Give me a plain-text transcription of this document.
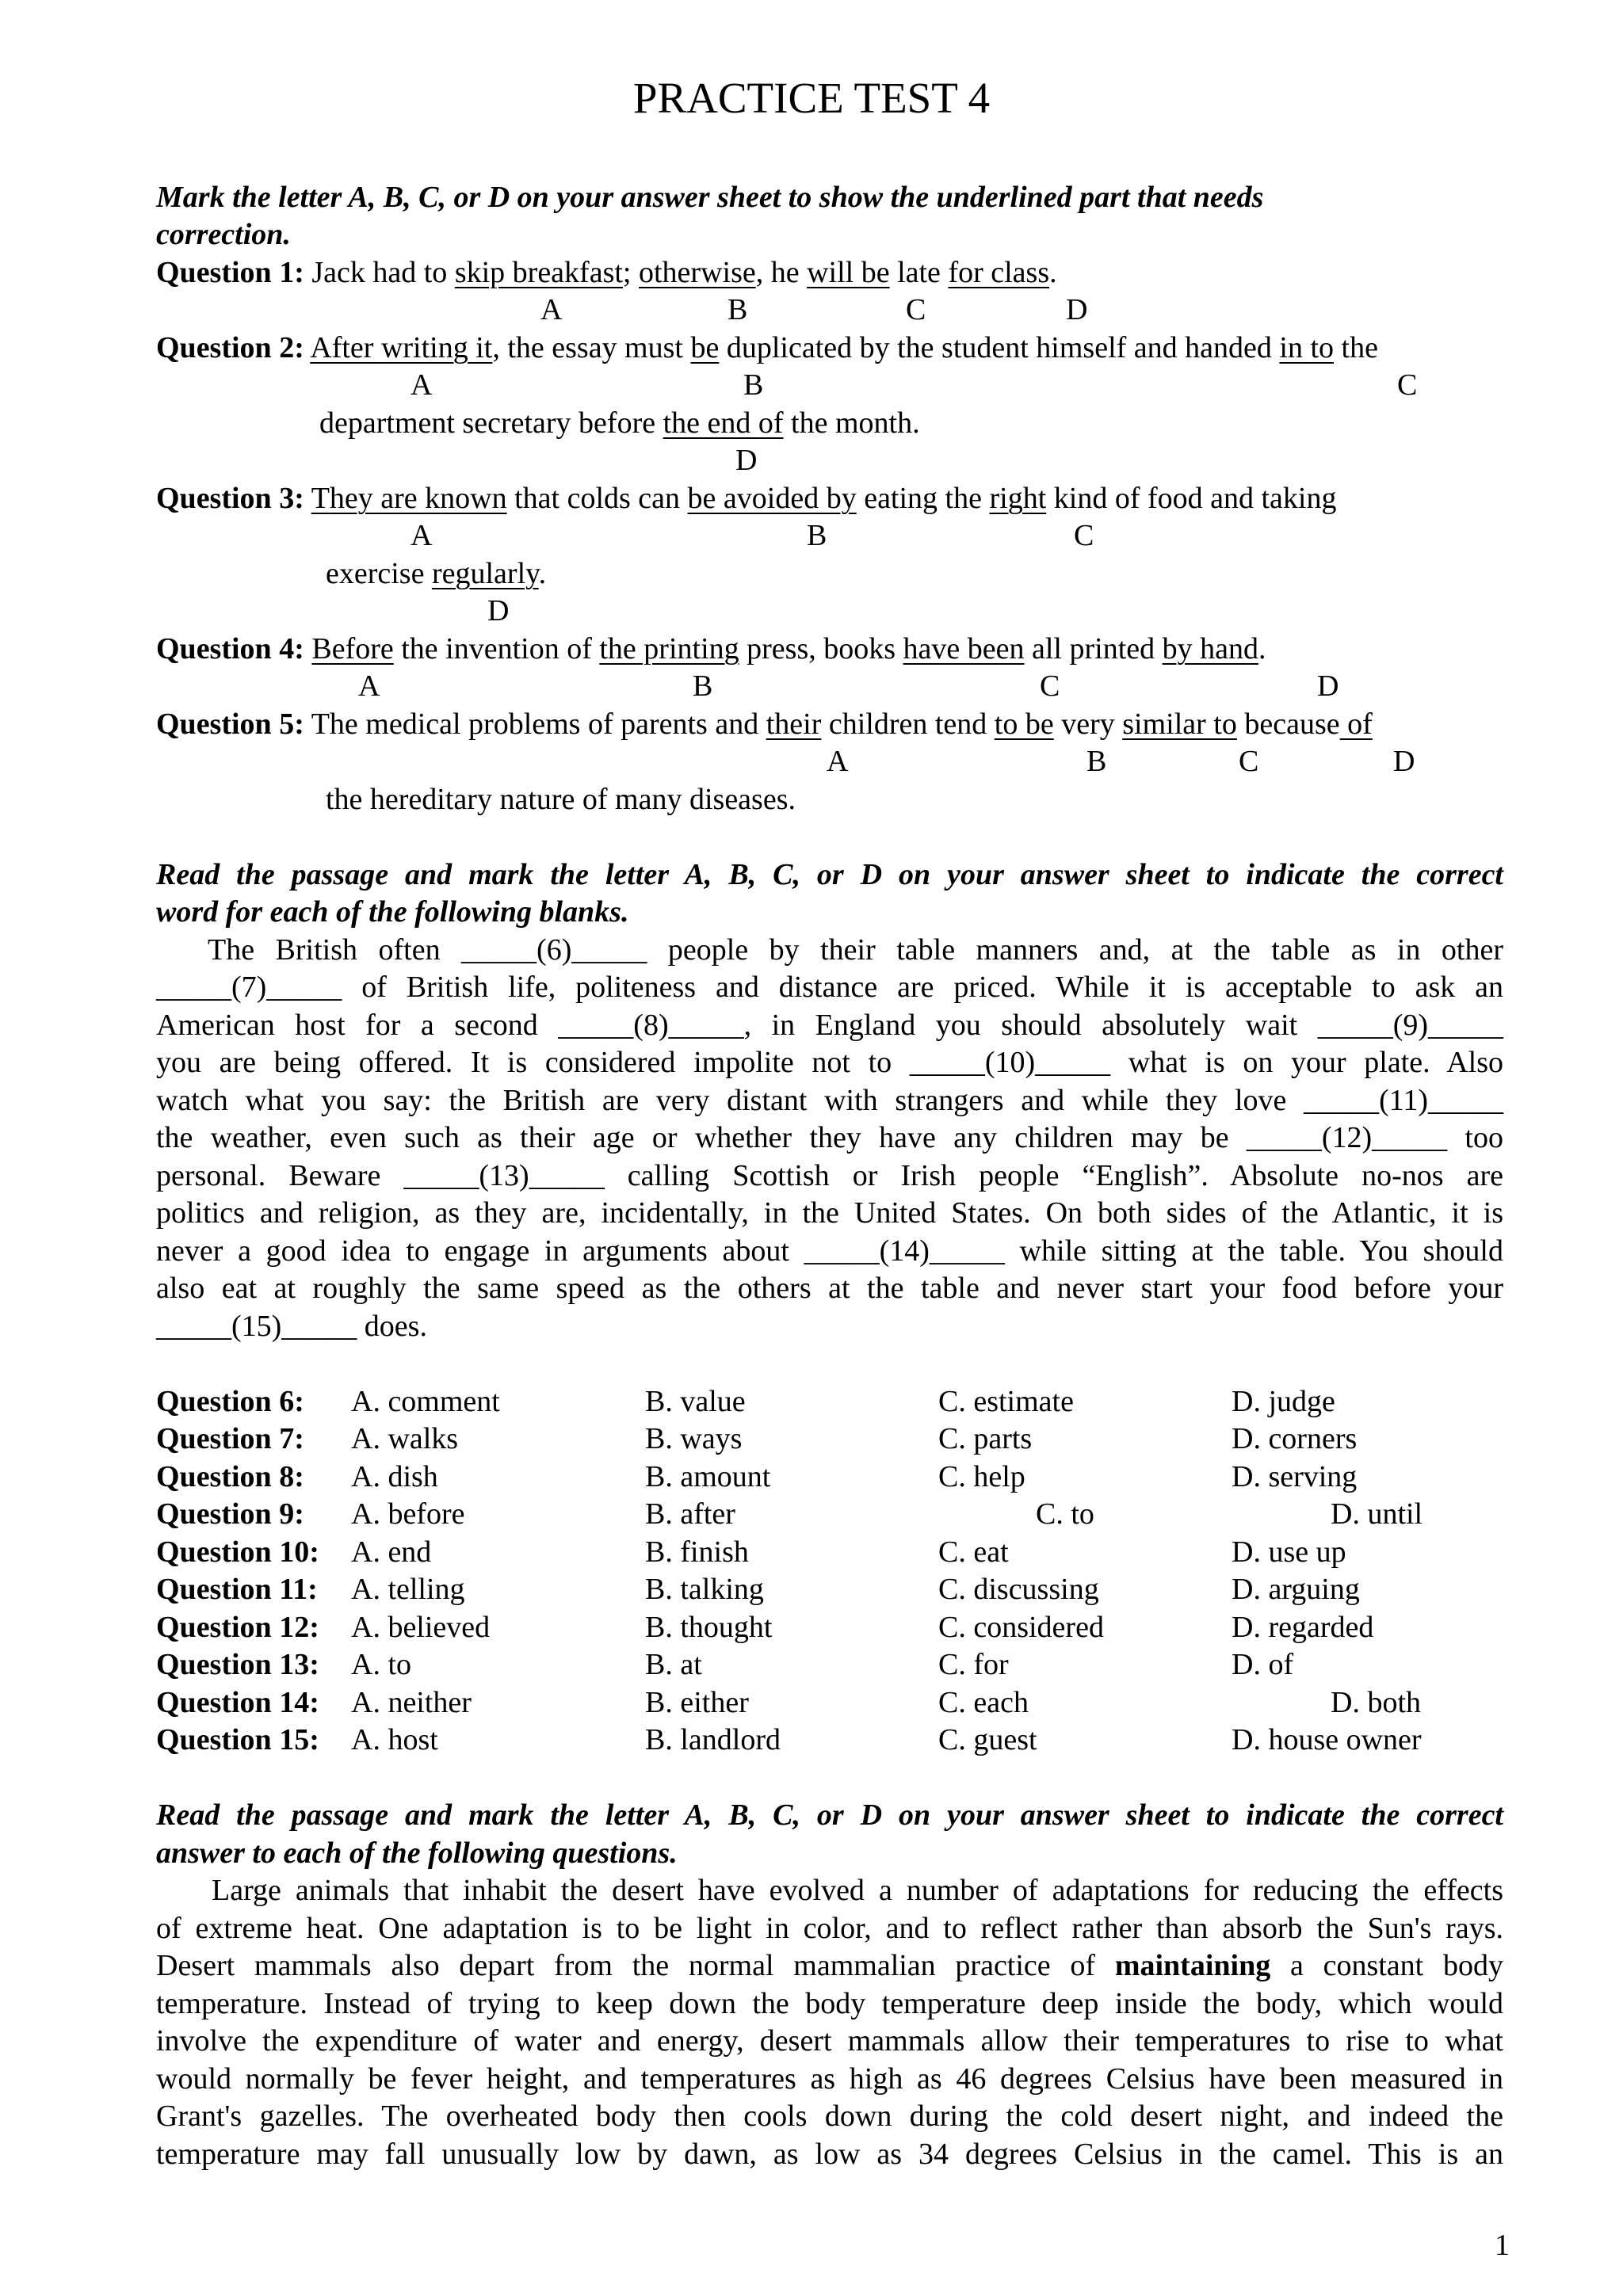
PRACTICE TEST 4
Mark the letter A, B, C, or D on your answer sheet to show the underlined part that needs
correction.
Question 1: Jack had to skip breakfast; otherwise, he will be late for class.
A	B	C	D
Question 2: After writing it, the essay must be duplicated by the student himself and handed in to the
A	B	C
department secretary before the end of the month.
D
Question 3: They are known that colds can be avoided by eating the right kind of food and taking
A	B	C
exercise regularly.
D
Question 4: Before the invention of the printing press, books have been all printed by hand.
A	B	C	D
Question 5: The medical problems of parents and their children tend to be very similar to because of
A	B	C	D
the hereditary nature of many diseases.
Read the passage and mark the letter A, B, C, or D on your answer sheet to indicate the correct
word for each of the following blanks.
The British often _____(6)_____ people by their table manners and, at the table as in other
_____(7)_____ of British life, politeness and distance are priced. While it is acceptable to ask an
American host for a second _____(8)_____, in England you should absolutely wait _____(9)_____
you are being offered. It is considered impolite not to _____(10)_____ what is on your plate. Also
watch what you say: the British are very distant with strangers and while they love _____(11)_____
the weather, even such as their age or whether they have any children may be _____(12)_____ too
personal. Beware _____(13)_____ calling Scottish or Irish people “English”. Absolute no-nos are
politics and religion, as they are, incidentally, in the United States. On both sides of the Atlantic, it is
never a good idea to engage in arguments about _____(14)_____ while sitting at the table. You should
also eat at roughly the same speed as the others at the table and never start your food before your
_____(15)_____ does.
Question 6: A. comment	B. value	C. estimate	D. judge
Question 7: A. walks	B. ways	C. parts	D. corners
Question 8: A. dish	B. amount	C. help	D. serving
Question 9: A. before	B. after	C. to	D. until
Question 10: A. end	B. finish	C. eat	D. use up
Question 11: A. telling	B. talking	C. discussing	D. arguing
Question 12: A. believed	B. thought	C. considered	D. regarded
Question 13: A. to	B. at	C. for	D. of
Question 14: A. neither	B. either	C. each	D. both
Question 15: A. host	B. landlord	C. guest	D. house owner
Read the passage and mark the letter A, B, C, or D on your answer sheet to indicate the correct
answer to each of the following questions.
Large animals that inhabit the desert have evolved a number of adaptations for reducing the effects
of extreme heat. One adaptation is to be light in color, and to reflect rather than absorb the Sun's rays.
Desert mammals also depart from the normal mammalian practice of maintaining a constant body
temperature. Instead of trying to keep down the body temperature deep inside the body, which would
involve the expenditure of water and energy, desert mammals allow their temperatures to rise to what
would normally be fever height, and temperatures as high as 46 degrees Celsius have been measured in
Grant's gazelles. The overheated body then cools down during the cold desert night, and indeed the
temperature may fall unusually low by dawn, as low as 34 degrees Celsius in the camel. This is an
1
